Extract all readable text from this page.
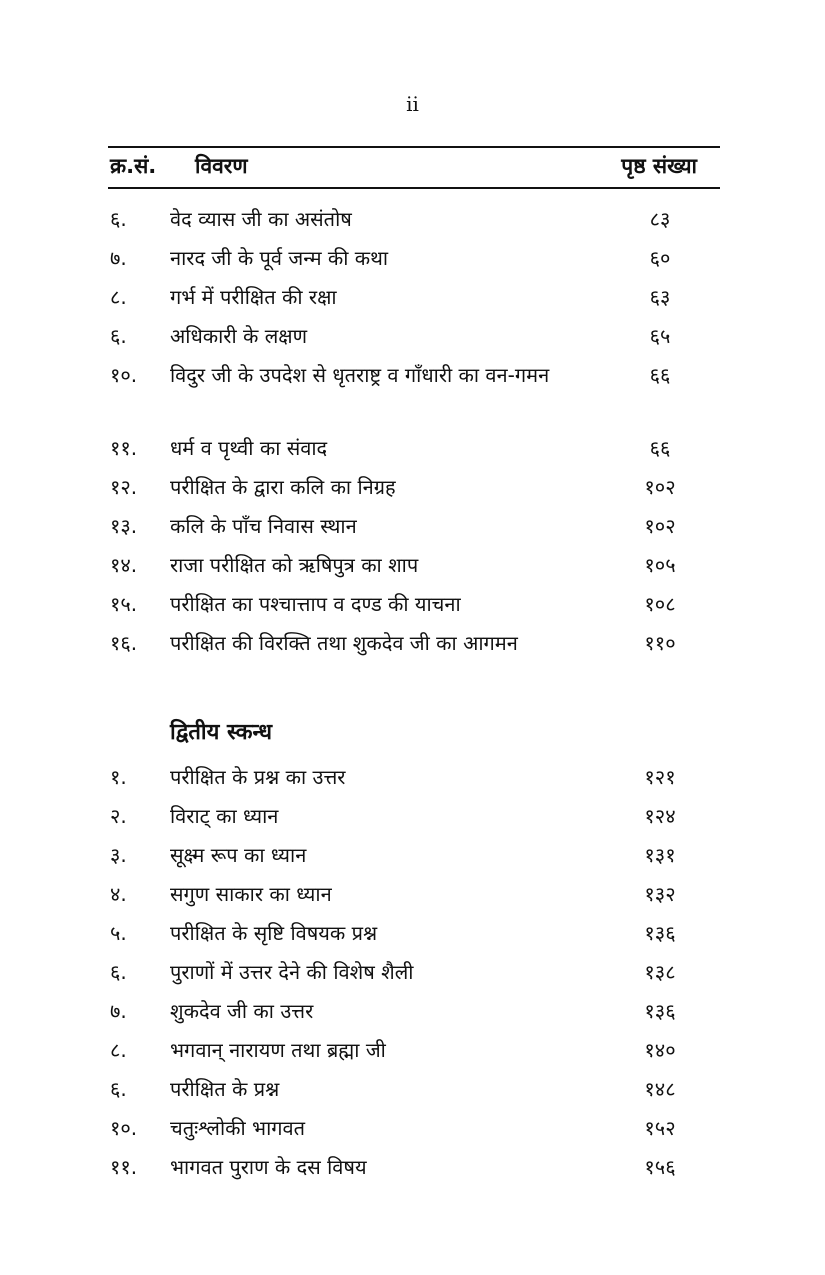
ii
क्र.सं. विवरण	पृष्ठ संख्या
६. वेद व्यास जी का असंतोष	८३
७. नारद जी के पूर्व जन्म की कथा	६०
८. गर्भ में परीक्षित की रक्षा	६३
६. अधिकारी के लक्षण	६५
१०. विदुर जी के उपदेश से धृतराष्ट्र व गाँधारी का वन-गमन	६६
११. धर्म व पृथ्वी का संवाद	६६
१२. परीक्षित के द्वारा कलि का निग्रह	१०२
१३. कलि के पाँच निवास स्थान	१०२
१४. राजा परीक्षित को ऋषिपुत्र का शाप	१०५
१५. परीक्षित का पश्चात्ताप व दण्ड की याचना	१०८
१६. परीक्षित की विरक्ति तथा शुकदेव जी का आगमन	११०
द्वितीय स्कन्ध
१. परीक्षित के प्रश्न का उत्तर	१२१
२. विराट् का ध्यान	१२४
३. सूक्ष्म रूप का ध्यान	१३१
४. सगुण साकार का ध्यान	१३२
५. परीक्षित के सृष्टि विषयक प्रश्न	१३६
६. पुराणों में उत्तर देने की विशेष शैली	१३८
७. शुकदेव जी का उत्तर	१३६
८. भगवान् नारायण तथा ब्रह्मा जी	१४०
६. परीक्षित के प्रश्न	१४८
१०. चतुःश्लोकी भागवत	१५२
११. भागवत पुराण के दस विषय	१५६
